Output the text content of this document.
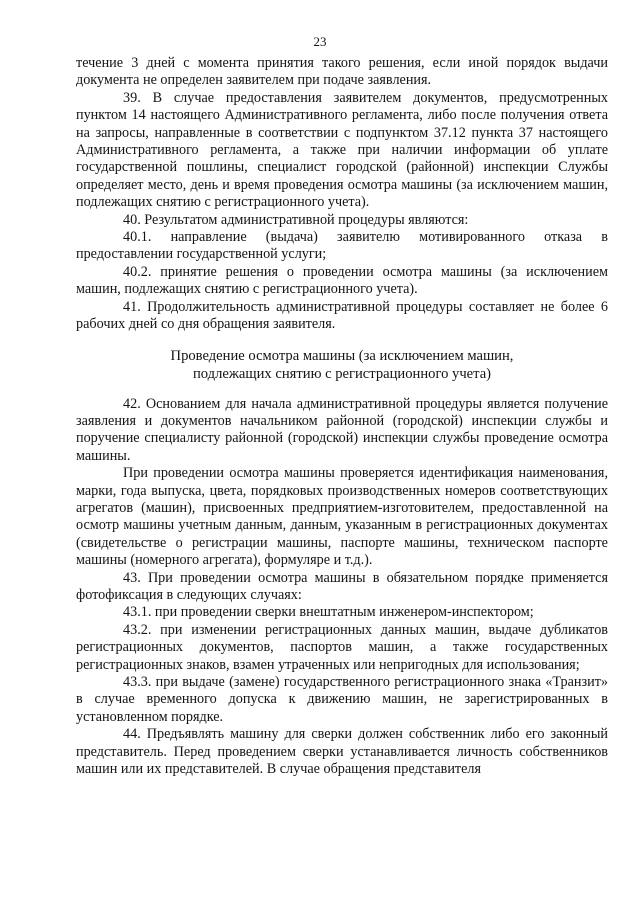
23

течение 3 дней с момента принятия такого решения, если иной порядок выдачи документа не определен заявителем при подаче заявления.

39. В случае предоставления заявителем документов, предусмотренных пунктом 14 настоящего Административного регламента, либо после получения ответа на запросы, направленные в соответствии с подпунктом 37.12 пункта 37 настоящего Административного регламента, а также при наличии информации об уплате государственной пошлины, специалист городской (районной) инспекции Службы определяет место, день и время проведения осмотра машины (за исключением машин, подлежащих снятию с регистрационного учета).

40. Результатом административной процедуры являются:

40.1. направление (выдача) заявителю мотивированного отказа в предоставлении государственной услуги;

40.2. принятие решения о проведении осмотра машины (за исключением машин, подлежащих снятию с регистрационного учета).

41. Продолжительность административной процедуры составляет не более 6 рабочих дней со дня обращения заявителя.

Проведение осмотра машины (за исключением машин,
подлежащих снятию с регистрационного учета)

42. Основанием для начала административной процедуры является получение заявления и документов начальником районной (городской) инспекции службы и поручение специалисту районной (городской) инспекции службы проведение осмотра машины.

При проведении осмотра машины проверяется идентификация наименования, марки, года выпуска, цвета, порядковых производственных номеров соответствующих агрегатов (машин), присвоенных предприятием-изготовителем, предоставленной на осмотр машины учетным данным, данным, указанным в регистрационных документах (свидетельстве о регистрации машины, паспорте машины, техническом паспорте машины (номерного агрегата), формуляре и т.д.).

43. При проведении осмотра машины в обязательном порядке применяется фотофиксация в следующих случаях:

43.1. при проведении сверки внештатным инженером-инспектором;

43.2. при изменении регистрационных данных машин, выдаче дубликатов регистрационных документов, паспортов машин, а также государственных регистрационных знаков, взамен утраченных или непригодных для использования;

43.3. при выдаче (замене) государственного регистрационного знака «Транзит» в случае временного допуска к движению машин, не зарегистрированных в установленном порядке.

44. Предъявлять машину для сверки должен собственник либо его законный представитель. Перед проведением сверки устанавливается личность собственников машин или их представителей. В случае обращения представителя
